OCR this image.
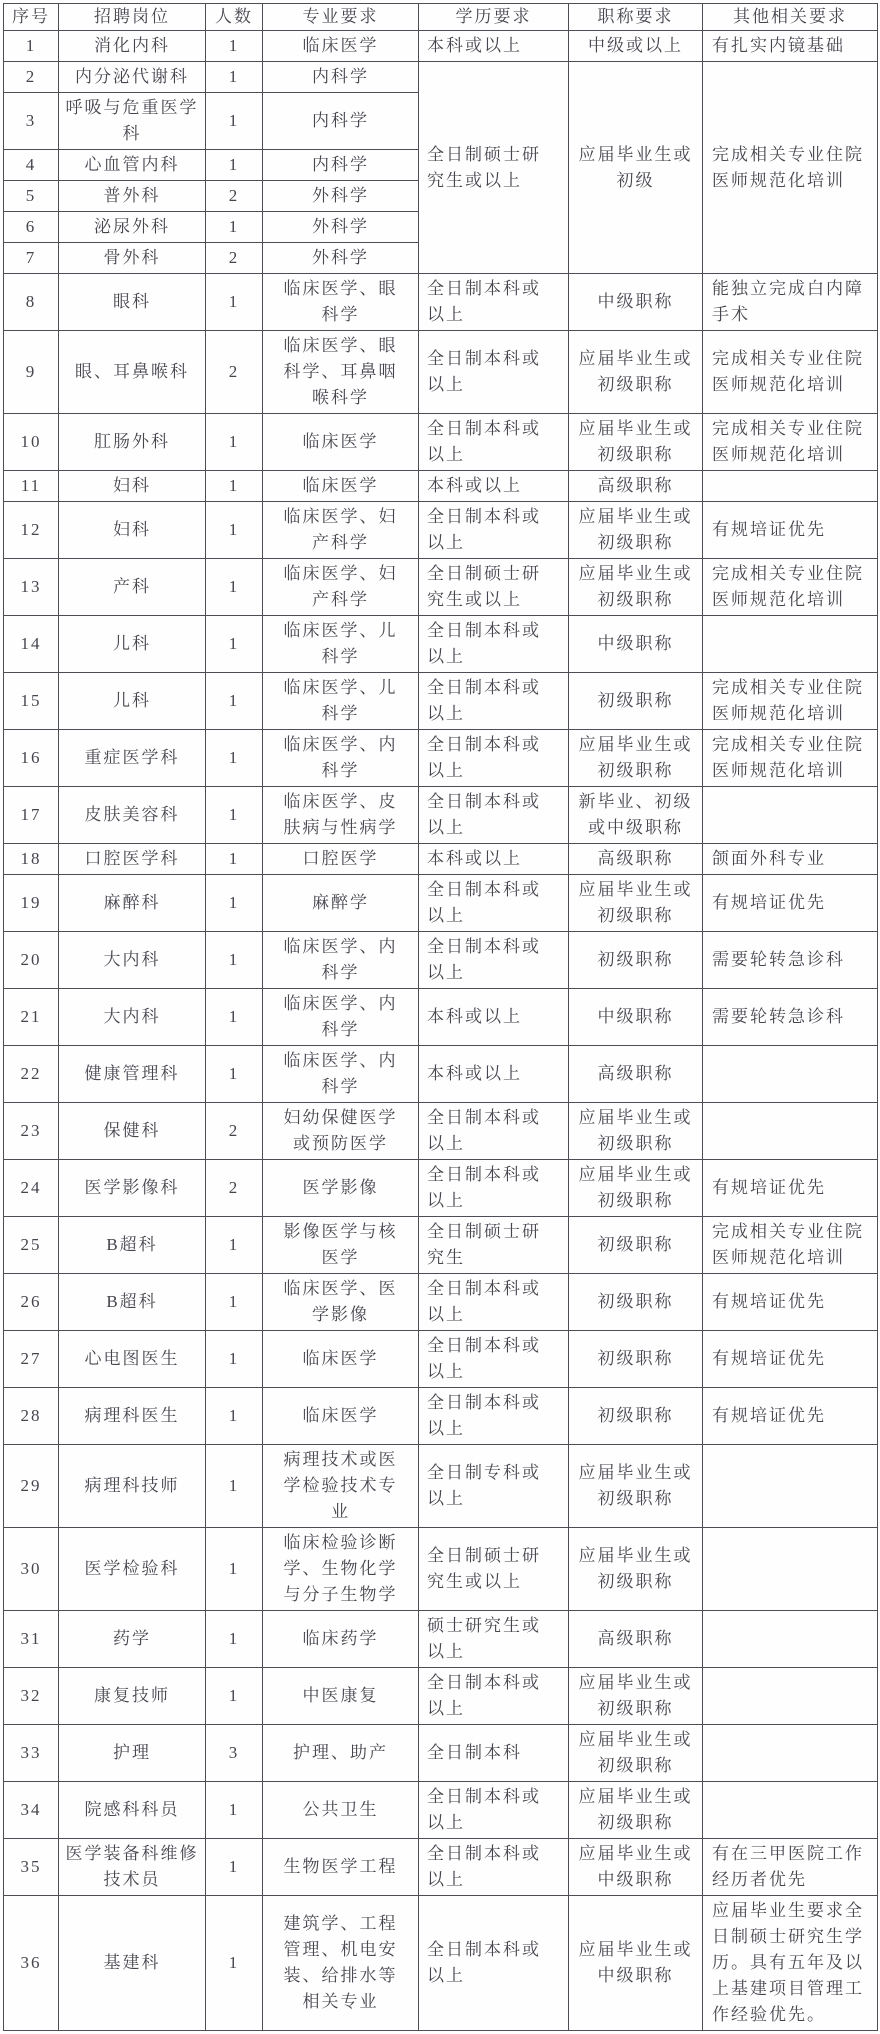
序号	招聘岗位	人数	专业要求	学历要求	职称要求	其他相关要求
1	消化内科	1	临床医学	本科或以上	中级或以上	有扎实内镜基础
2	内分泌代谢科	1	内科学	全日制硕士研究生或以上	应届毕业生或初级	完成相关专业住院医师规范化培训
3	呼吸与危重医学科	1	内科学			
4	心血管内科	1	内科学			
5	普外科	2	外科学			
6	泌尿外科	1	外科学			
7	骨外科	2	外科学			
8	眼科	1	临床医学、眼科学	全日制本科或以上	中级职称	能独立完成白内障手术
9	眼、耳鼻喉科	2	临床医学、眼科学、耳鼻咽喉科学	全日制本科或以上	应届毕业生或初级职称	完成相关专业住院医师规范化培训
10	肛肠外科	1	临床医学	全日制本科或以上	应届毕业生或初级职称	完成相关专业住院医师规范化培训
11	妇科	1	临床医学	本科或以上	高级职称	
12	妇科	1	临床医学、妇产科学	全日制本科或以上	应届毕业生或初级职称	有规培证优先
13	产科	1	临床医学、妇产科学	全日制硕士研究生或以上	应届毕业生或初级职称	完成相关专业住院医师规范化培训
14	儿科	1	临床医学、儿科学	全日制本科或以上	中级职称	
15	儿科	1	临床医学、儿科学	全日制本科或以上	初级职称	完成相关专业住院医师规范化培训
16	重症医学科	1	临床医学、内科学	全日制本科或以上	应届毕业生或初级职称	完成相关专业住院医师规范化培训
17	皮肤美容科	1	临床医学、皮肤病与性病学	全日制本科或以上	新毕业、初级或中级职称	
18	口腔医学科	1	口腔医学	本科或以上	高级职称	颌面外科专业
19	麻醉科	1	麻醉学	全日制本科或以上	应届毕业生或初级职称	有规培证优先
20	大内科	1	临床医学、内科学	全日制本科或以上	初级职称	需要轮转急诊科
21	大内科	1	临床医学、内科学	本科或以上	中级职称	需要轮转急诊科
22	健康管理科	1	临床医学、内科学	本科或以上	高级职称	
23	保健科	2	妇幼保健医学或预防医学	全日制本科或以上	应届毕业生或初级职称	
24	医学影像科	2	医学影像	全日制本科或以上	应届毕业生或初级职称	有规培证优先
25	B超科	1	影像医学与核医学	全日制硕士研究生	初级职称	完成相关专业住院医师规范化培训
26	B超科	1	临床医学、医学影像	全日制本科或以上	初级职称	有规培证优先
27	心电图医生	1	临床医学	全日制本科或以上	初级职称	有规培证优先
28	病理科医生	1	临床医学	全日制本科或以上	初级职称	有规培证优先
29	病理科技师	1	病理技术或医学检验技术专业	全日制专科或以上	应届毕业生或初级职称	
30	医学检验科	1	临床检验诊断学、生物化学与分子生物学	全日制硕士研究生或以上	应届毕业生或初级职称	
31	药学	1	临床药学	硕士研究生或以上	高级职称	
32	康复技师	1	中医康复	全日制本科或以上	应届毕业生或初级职称	
33	护理	3	护理、助产	全日制本科	应届毕业生或初级职称	
34	院感科科员	1	公共卫生	全日制本科或以上	应届毕业生或初级职称	
35	医学装备科维修技术员	1	生物医学工程	全日制本科或以上	应届毕业生或中级职称	有在三甲医院工作经历者优先
36	基建科	1	建筑学、工程管理、机电安装、给排水等相关专业	全日制本科或以上	应届毕业生或中级职称	应届毕业生要求全日制硕士研究生学历。具有五年及以上基建项目管理工作经验优先。
